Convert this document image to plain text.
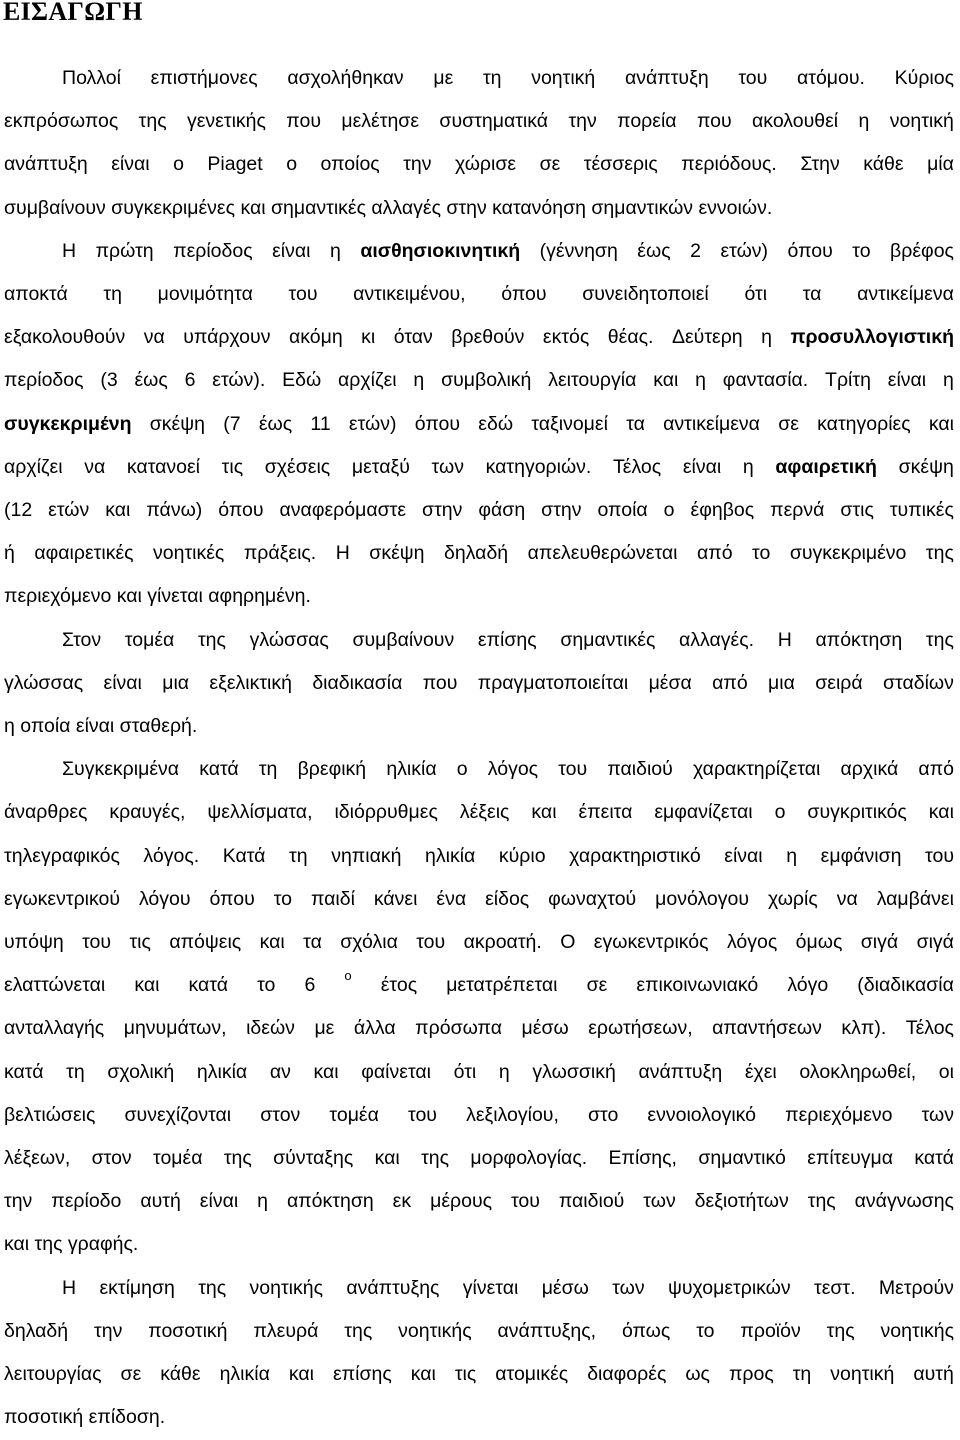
ΕΙΣΑΓΩΓΗ

Πολλοί επιστήμονες ασχολήθηκαν με τη νοητική ανάπτυξη του ατόμου. Κύριος

εκπρόσωπος της γενετικής που μελέτησε συστηματικά την πορεία που ακολουθεί η νοητική

ανάπτυξη είναι ο Piaget ο οποίος την χώρισε σε τέσσερις περιόδους. Στην κάθε μία

συμβαίνουν συγκεκριμένες και σημαντικές αλλαγές στην κατανόηση σημαντικών εννοιών.

Η πρώτη περίοδος είναι η αισθησιοκινητική (γέννηση έως 2 ετών) όπου το βρέφος

αποκτά τη μονιμότητα του αντικειμένου, όπου συνειδητοποιεί ότι τα αντικείμενα

εξακολουθούν να υπάρχουν ακόμη κι όταν βρεθούν εκτός θέας. Δεύτερη η προσυλλογιστική

περίοδος (3 έως 6 ετών). Εδώ αρχίζει η συμβολική λειτουργία και η φαντασία. Τρίτη είναι η

συγκεκριμένη σκέψη (7 έως 11 ετών) όπου εδώ ταξινομεί τα αντικείμενα σε κατηγορίες και

αρχίζει να κατανοεί τις σχέσεις μεταξύ των κατηγοριών. Τέλος είναι η αφαιρετική σκέψη

(12 ετών και πάνω) όπου αναφερόμαστε στην φάση στην οποία ο έφηβος περνά στις τυπικές

ή αφαιρετικές νοητικές πράξεις. Η σκέψη δηλαδή απελευθερώνεται από το συγκεκριμένο της

περιεχόμενο και γίνεται αφηρημένη.

Στον τομέα της γλώσσας συμβαίνουν επίσης σημαντικές αλλαγές. Η απόκτηση της

γλώσσας είναι μια εξελικτική διαδικασία που πραγματοποιείται μέσα από μια σειρά σταδίων

η οποία είναι σταθερή.

Συγκεκριμένα κατά τη βρεφική ηλικία ο λόγος του παιδιού χαρακτηρίζεται αρχικά από

άναρθρες κραυγές, ψελλίσματα, ιδιόρρυθμες λέξεις και έπειτα εμφανίζεται ο συγκριτικός και

τηλεγραφικός λόγος. Κατά τη νηπιακή ηλικία κύριο χαρακτηριστικό είναι η εμφάνιση του

εγωκεντρικού λόγου όπου το παιδί κάνει ένα είδος φωναχτού μονόλογου χωρίς να λαμβάνει

υπόψη του τις απόψεις και τα σχόλια του ακροατή. Ο εγωκεντρικός λόγος όμως σιγά σιγά

ελαττώνεται και κατά το 6 ο έτος μετατρέπεται σε επικοινωνιακό λόγο (διαδικασία

ανταλλαγής μηνυμάτων, ιδεών με άλλα πρόσωπα μέσω ερωτήσεων, απαντήσεων κλπ). Τέλος

κατά τη σχολική ηλικία αν και φαίνεται ότι η γλωσσική ανάπτυξη έχει ολοκληρωθεί, οι

βελτιώσεις συνεχίζονται στον τομέα του λεξιλογίου, στο εννοιολογικό περιεχόμενο των

λέξεων, στον τομέα της σύνταξης και της μορφολογίας. Επίσης, σημαντικό επίτευγμα κατά

την περίοδο αυτή είναι η απόκτηση εκ μέρους του παιδιού των δεξιοτήτων της ανάγνωσης

και της γραφής.

Η εκτίμηση της νοητικής ανάπτυξης γίνεται μέσω των ψυχομετρικών τεστ. Μετρούν

δηλαδή την ποσοτική πλευρά της νοητικής ανάπτυξης, όπως το προϊόν της νοητικής

λειτουργίας σε κάθε ηλικία και επίσης και τις ατομικές διαφορές ως προς τη νοητική αυτή

ποσοτική επίδοση.
